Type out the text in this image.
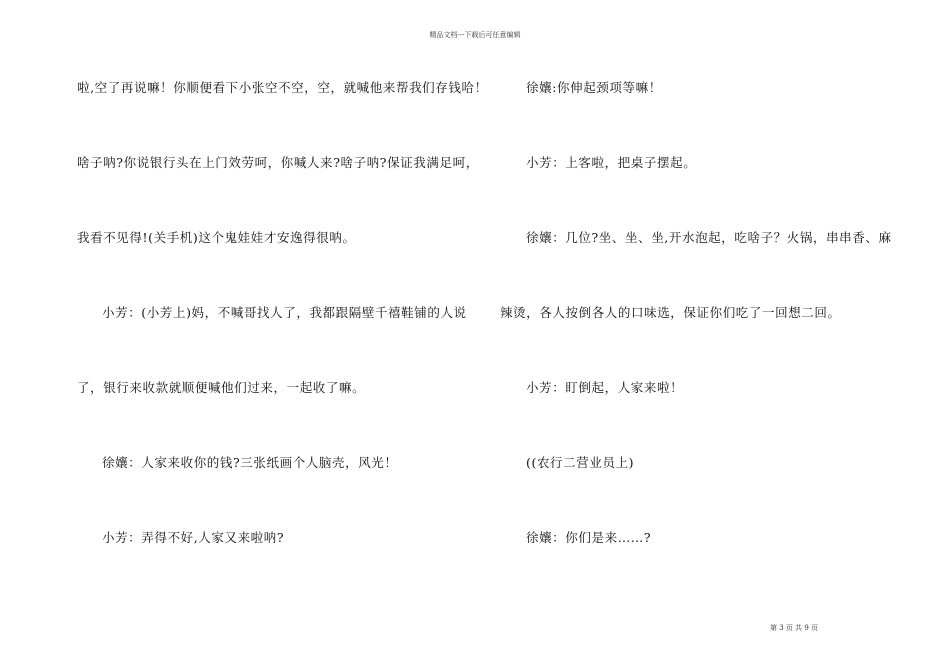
精品文档---下载后可任意编辑
啦,空了再说嘛！你顺便看下小张空不空，空，就喊他来帮我们存钱哈！
啥子呐?你说银行头在上门效劳呵，你喊人来?啥子呐?保证我满足呵，
我看不见得!(关手机)这个鬼娃娃才安逸得很呐。
小芳：(小芳上)妈，不喊哥找人了，我都跟隔壁千禧鞋铺的人说
了，银行来收款就顺便喊他们过来，一起收了嘛。
徐孃：人家来收你的钱?三张纸画个人脑壳，风光！
小芳：弄得不好,人家又来啦呐?
徐孃:你伸起颈项等嘛！
小芳：上客啦，把桌子摆起。
徐孃：几位?坐、坐、坐,开水泡起，吃啥子？火锅，串串香、麻
辣烫，各人按倒各人的口味选，保证你们吃了一回想二回。
小芳：盯倒起，人家来啦！
((农行二营业员上)
徐孃：你们是来……?
第 3 页 共 9 页
